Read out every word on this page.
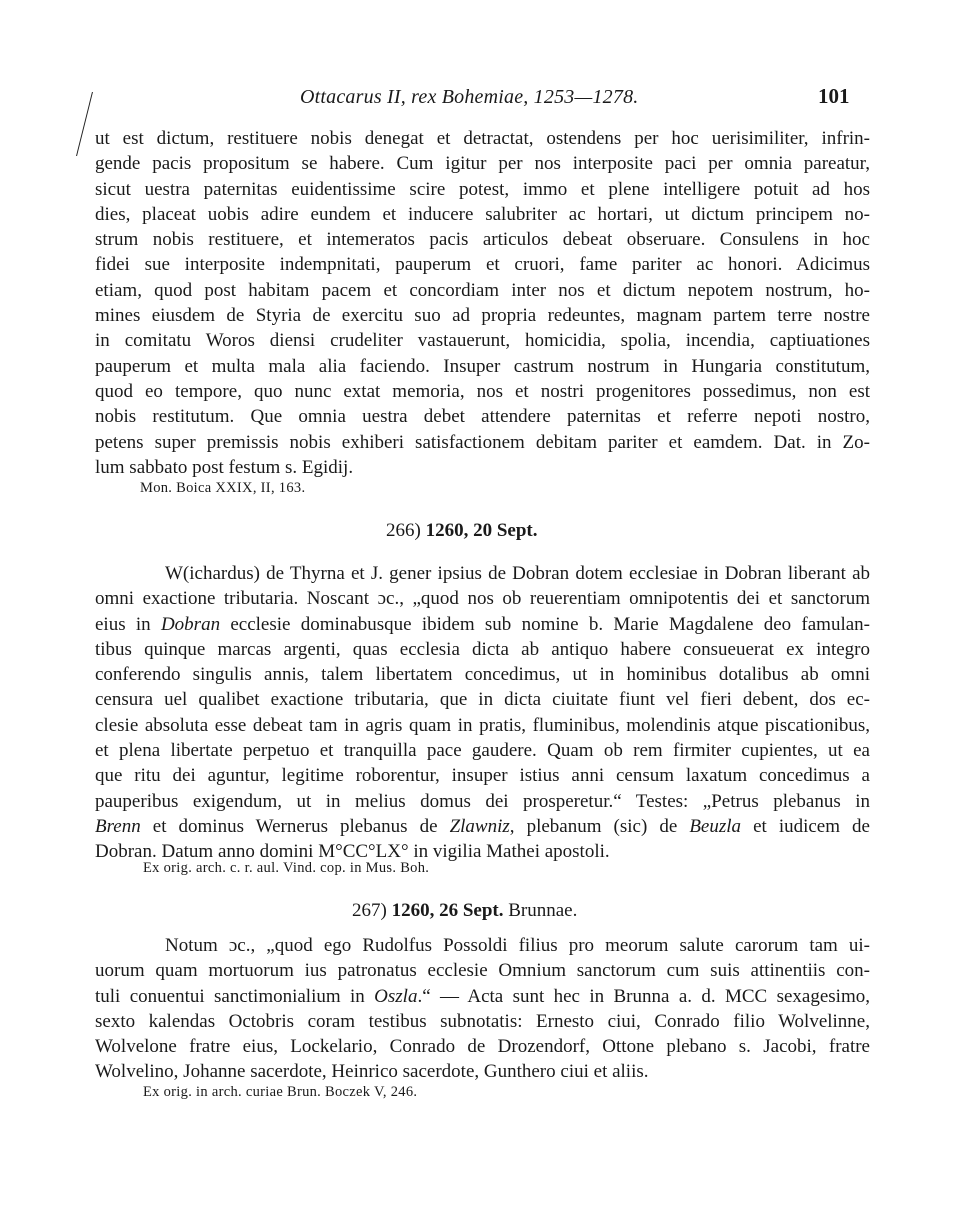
Ottacarus II, rex Bohemiae, 1253—1278.	101
ut est dictum, restituere nobis denegat et detractat, ostendens per hoc uerisimiliter, infrin-
gende pacis propositum se habere. Cum igitur per nos interposite paci per omnia pareatur,
sicut uestra paternitas euidentissime scire potest, immo et plene intelligere potuit ad hos
dies, placeat uobis adire eundem et inducere salubriter ac hortari, ut dictum principem no-
strum nobis restituere, et intemeratos pacis articulos debeat obseruare. Consulens in hoc
fidei sue interposite indempnitati, pauperum et cruori, fame pariter ac honori. Adicimus
etiam, quod post habitam pacem et concordiam inter nos et dictum nepotem nostrum, ho-
mines eiusdem de Styria de exercitu suo ad propria redeuntes, magnam partem terre nostre
in comitatu Woros diensi crudeliter vastauerunt, homicidia, spolia, incendia, captiuationes
pauperum et multa mala alia faciendo. Insuper castrum nostrum in Hungaria constitutum,
quod eo tempore, quo nunc extat memoria, nos et nostri progenitores possedimus, non est
nobis restitutum. Que omnia uestra debet attendere paternitas et referre nepoti nostro,
petens super premissis nobis exhiberi satisfactionem debitam pariter et eamdem. Dat. in Zo-
lum sabbato post festum s. Egidij.
Mon. Boica XXIX, II, 163.
266) 1260, 20 Sept.
W(ichardus) de Thyrna et J. gener ipsius de Dobran dotem ecclesiae in Dobran liberant ab
omni exactione tributaria. Noscant ɔc., „quod nos ob reuerentiam omnipotentis dei et sanctorum
eius in Dobran ecclesie dominabusque ibidem sub nomine b. Marie Magdalene deo famulan-
tibus quinque marcas argenti, quas ecclesia dicta ab antiquo habere consueuerat ex integro
conferendo singulis annis, talem libertatem concedimus, ut in hominibus dotalibus ab omni
censura uel qualibet exactione tributaria, que in dicta ciuitate fiunt vel fieri debent, dos ec-
clesie absoluta esse debeat tam in agris quam in pratis, fluminibus, molendinis atque piscationibus,
et plena libertate perpetuo et tranquilla pace gaudere. Quam ob rem firmiter cupientes, ut ea
que ritu dei aguntur, legitime roborentur, insuper istius anni censum laxatum concedimus a
pauperibus exigendum, ut in melius domus dei prosperetur.“ Testes: „Petrus plebanus in
Brenn et dominus Wernerus plebanus de Zlawniz, plebanum (sic) de Beuzla et iudicem de
Dobran. Datum anno domini M°CC°LX° in vigilia Mathei apostoli.
Ex orig. arch. c. r. aul. Vind. cop. in Mus. Boh.
267) 1260, 26 Sept. Brunnae.
Notum ɔc., „quod ego Rudolfus Possoldi filius pro meorum salute carorum tam ui-
uorum quam mortuorum ius patronatus ecclesie Omnium sanctorum cum suis attinentiis con-
tuli conuentui sanctimonialium in Oszla.“ — Acta sunt hec in Brunna a. d. MCC sexagesimo,
sexto kalendas Octobris coram testibus subnotatis: Ernesto ciui, Conrado filio Wolvelinne,
Wolvelone fratre eius, Lockelario, Conrado de Drozendorf, Ottone plebano s. Jacobi, fratre
Wolvelino, Johanne sacerdote, Heinrico sacerdote, Gunthero ciui et aliis.
Ex orig. in arch. curiae Brun. Boczek V, 246.
